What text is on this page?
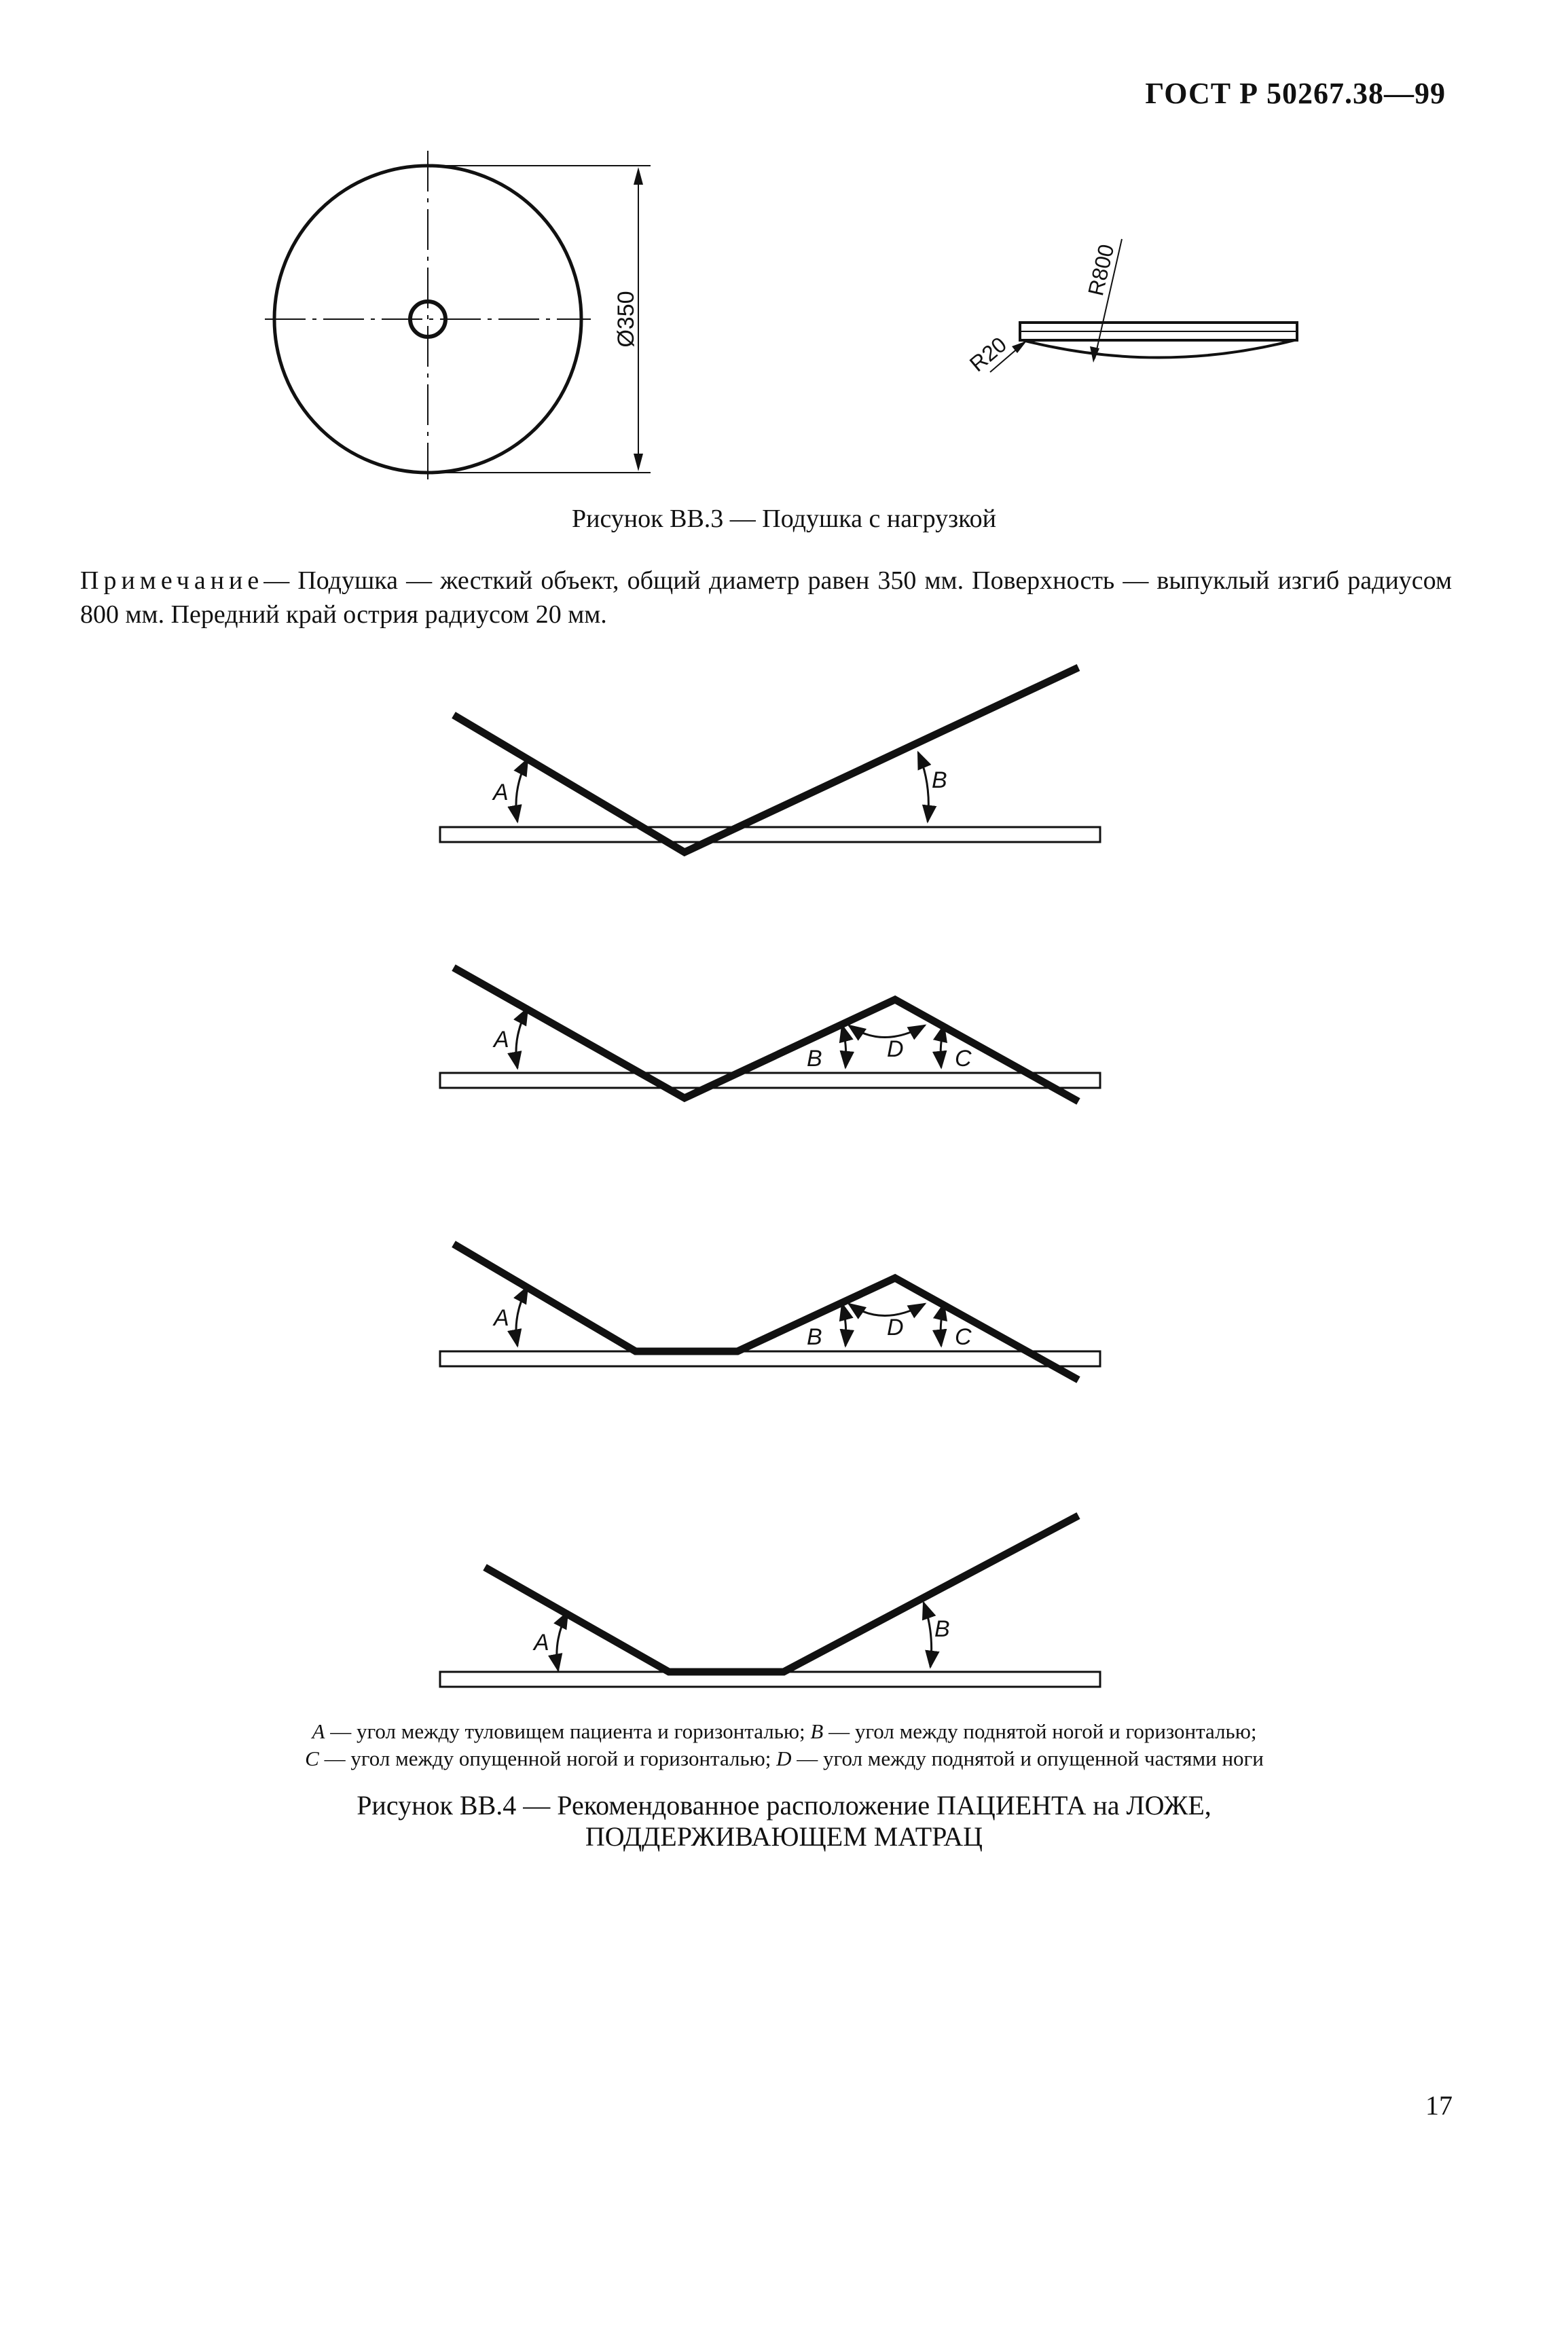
ГОСТ Р 50267.38—99
Ø350
R800
R20
Рисунок ВВ.3 — Подушка с нагрузкой
Примечание— Подушка — жесткий объект, общий диаметр равен 350 мм. Поверхность — выпуклый изгиб радиусом 800 мм. Передний край острия радиусом 20 мм.
A	B
A
B	D C
A
B	D C
A
B
A — угол между туловищем пациента и горизонталью; B — угол между поднятой ногой и горизонталью;
C — угол между опущенной ногой и горизонталью; D — угол между поднятой и опущенной частями ноги
Рисунок ВВ.4 — Рекомендованное расположение ПАЦИЕНТА на ЛОЖЕ,
ПОДДЕРЖИВАЮЩЕМ МАТРАЦ
17
